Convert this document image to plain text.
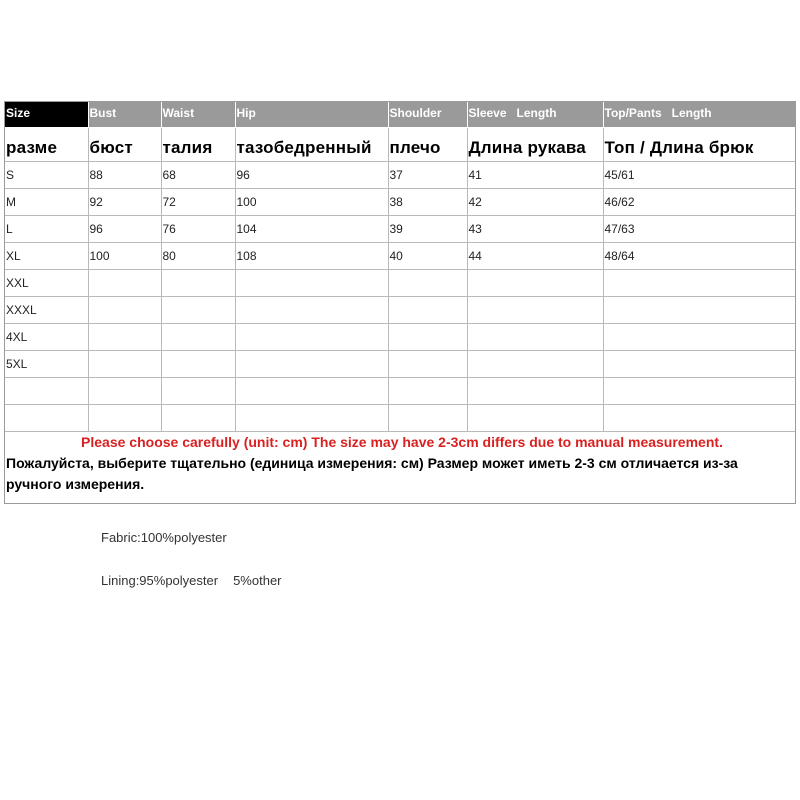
Size	Bust	Waist	Hip	Shoulder	Sleeve   Length	Top/Pants   Length
разме	бюст	талия	тазобедренный	плечо	Длина рукава	Топ / Длина брюк
S	88	68	96	37	41	45/61
M	92	72	100	38	42	46/62
L	96	76	104	39	43	47/63
XL	100	80	108	40	44	48/64
XXL						
XXXL						
4XL						
5XL						

Please choose carefully (unit: cm) The size may have 2-3cm differs due to manual measurement.
Пожалуйста, выберите тщательно (единица измерения: см) Размер может иметь 2-3 см отличается из-за ручного измерения.						
Fabric:100%polyester
Lining:95%polyester 5%other
